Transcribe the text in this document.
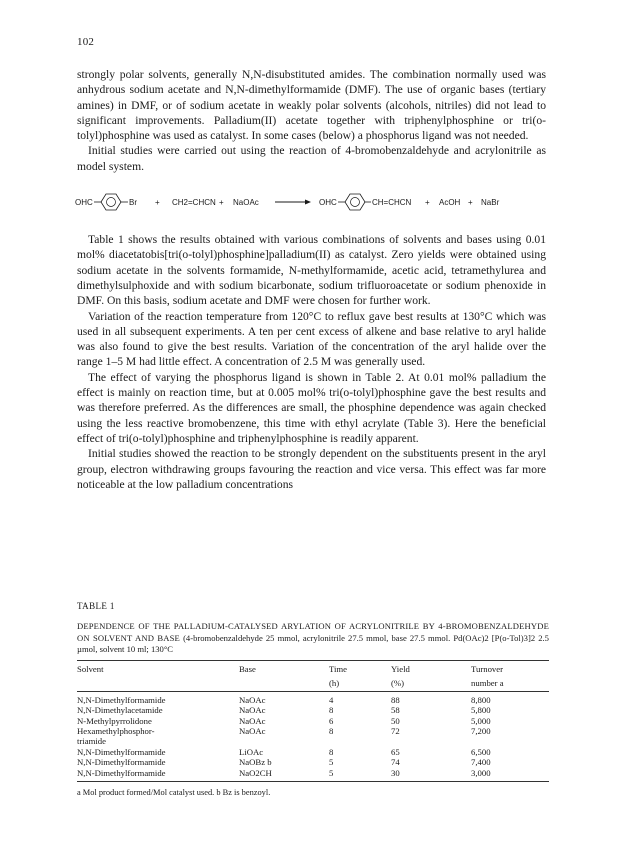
102

strongly polar solvents, generally N,N-disubstituted amides. The combination normally used was anhydrous sodium acetate and N,N-dimethylformamide (DMF). The use of organic bases (tertiary amines) in DMF, or of sodium acetate in weakly polar solvents (alcohols, nitriles) did not lead to significant improvements. Palladium(II) acetate together with triphenylphosphine or tri(o-tolyl)phosphine was used as catalyst. In some cases (below) a phosphorus ligand was not needed.

Initial studies were carried out using the reaction of 4-bromobenzaldehyde and acrylonitrile as model system.

OHC	Br + CH2=CHCN + NaOAc	OHC	CH=CHCN + AcOH + NaBr

Table 1 shows the results obtained with various combinations of solvents and bases using 0.01 mol% diacetatobis[tri(o-tolyl)phosphine]palladium(II) as catalyst. Zero yields were obtained using sodium acetate in the solvents formamide, N-methylformamide, acetic acid, tetramethylurea and dimethylsulphoxide and with sodium bicarbonate, sodium trifluoroacetate or sodium phenoxide in DMF. On this basis, sodium acetate and DMF were chosen for further work.

Variation of the reaction temperature from 120°C to reflux gave best results at 130°C which was used in all subsequent experiments. A ten per cent excess of alkene and base relative to aryl halide was also found to give the best results. Variation of the concentration of the aryl halide over the range 1–5 M had little effect. A concentration of 2.5 M was generally used.

The effect of varying the phosphorus ligand is shown in Table 2. At 0.01 mol% palladium the effect is mainly on reaction time, but at 0.005 mol% tri(o-tolyl)phosphine gave the best results and was therefore preferred. As the differences are small, the phosphine dependence was again checked using the less reactive bromobenzene, this time with ethyl acrylate (Table 3). Here the beneficial effect of tri(o-tolyl)phosphine and triphenylphosphine is readily apparent.

Initial studies showed the reaction to be strongly dependent on the substituents present in the aryl group, electron withdrawing groups favouring the reaction and vice versa. This effect was far more noticeable at the low palladium concentrations

TABLE 1
DEPENDENCE OF THE PALLADIUM-CATALYSED ARYLATION OF ACRYLONITRILE BY 4-BROMOBENZALDEHYDE ON SOLVENT AND BASE (4-bromobenzaldehyde 25 mmol, acrylonitrile 27.5 mmol, base 27.5 mmol. Pd(OAc)2 [P(o-Tol)3]2 2.5 µmol, solvent 10 ml; 130°C
Solvent	Base	Time	Yield	Turnover
		(h)	(%)	number a
N,N-Dimethylformamide	NaOAc	4	88	8,800
N,N-Dimethylacetamide	NaOAc	8	58	5,800
N-Methylpyrrolidone	NaOAc	6	50	5,000
Hexamethylphosphor-	NaOAc	8	72	7,200
triamide				
N,N-Dimethylformamide	LiOAc	8	65	6,500
N,N-Dimethylformamide	NaOBz b	5	74	7,400
N,N-Dimethylformamide	NaO2CH	5	30	3,000
a Mol product formed/Mol catalyst used. b Bz is benzoyl.
